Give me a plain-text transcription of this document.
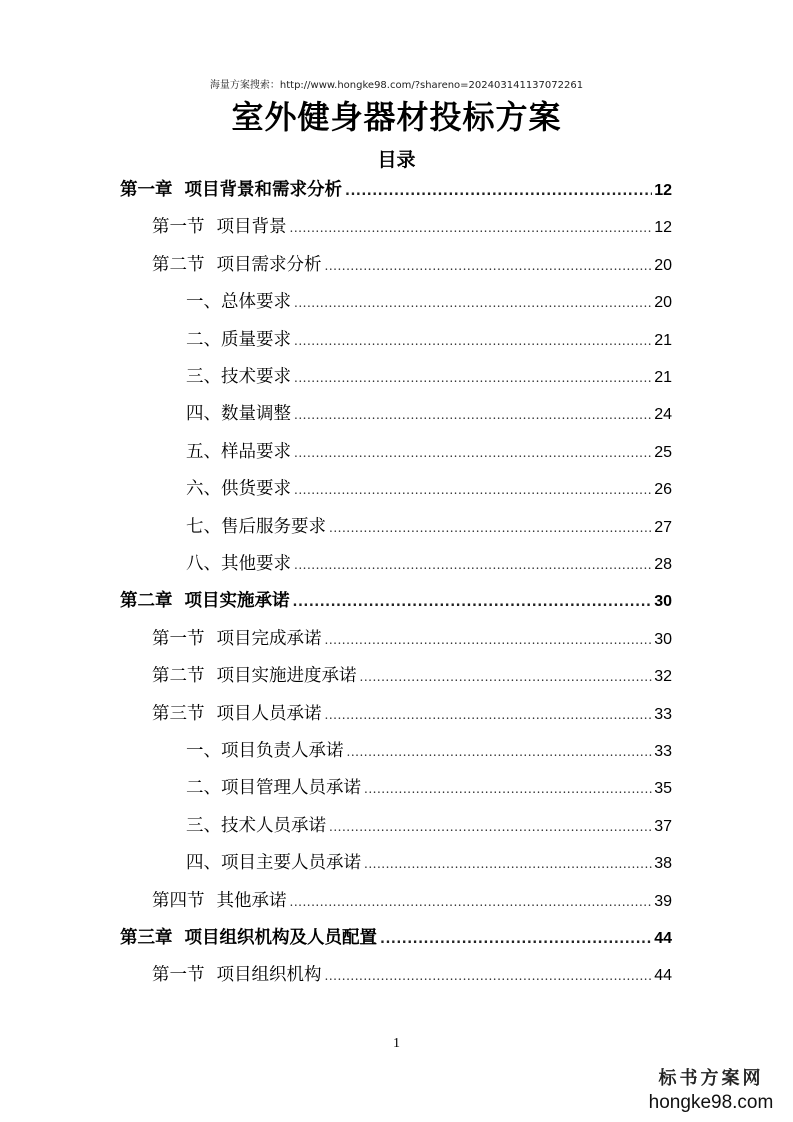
海量方案搜索：http://www.hongke98.com/?shareno=202403141137072261
室外健身器材投标方案
目录
第一章 项目背景和需求分析 .....	12
第一节 项目背景 .....	12
第二节 项目需求分析 .....	20
一、总体要求 .....	20
二、质量要求 .....	21
三、技术要求 .....	21
四、数量调整 .....	24
五、样品要求 .....	25
六、供货要求 .....	26
七、售后服务要求 .....	27
八、其他要求 .....	28
第二章 项目实施承诺 .....	30
第一节 项目完成承诺 .....	30
第二节 项目实施进度承诺 .....	32
第三节 项目人员承诺 .....	33
一、项目负责人承诺 .....	33
二、项目管理人员承诺 .....	35
三、技术人员承诺 .....	37
四、项目主要人员承诺 .....	38
第四节 其他承诺 .....	39
第三章 项目组织机构及人员配置 .....	44
第一节 项目组织机构 .....	44
1
标书方案网
hongke98.com
